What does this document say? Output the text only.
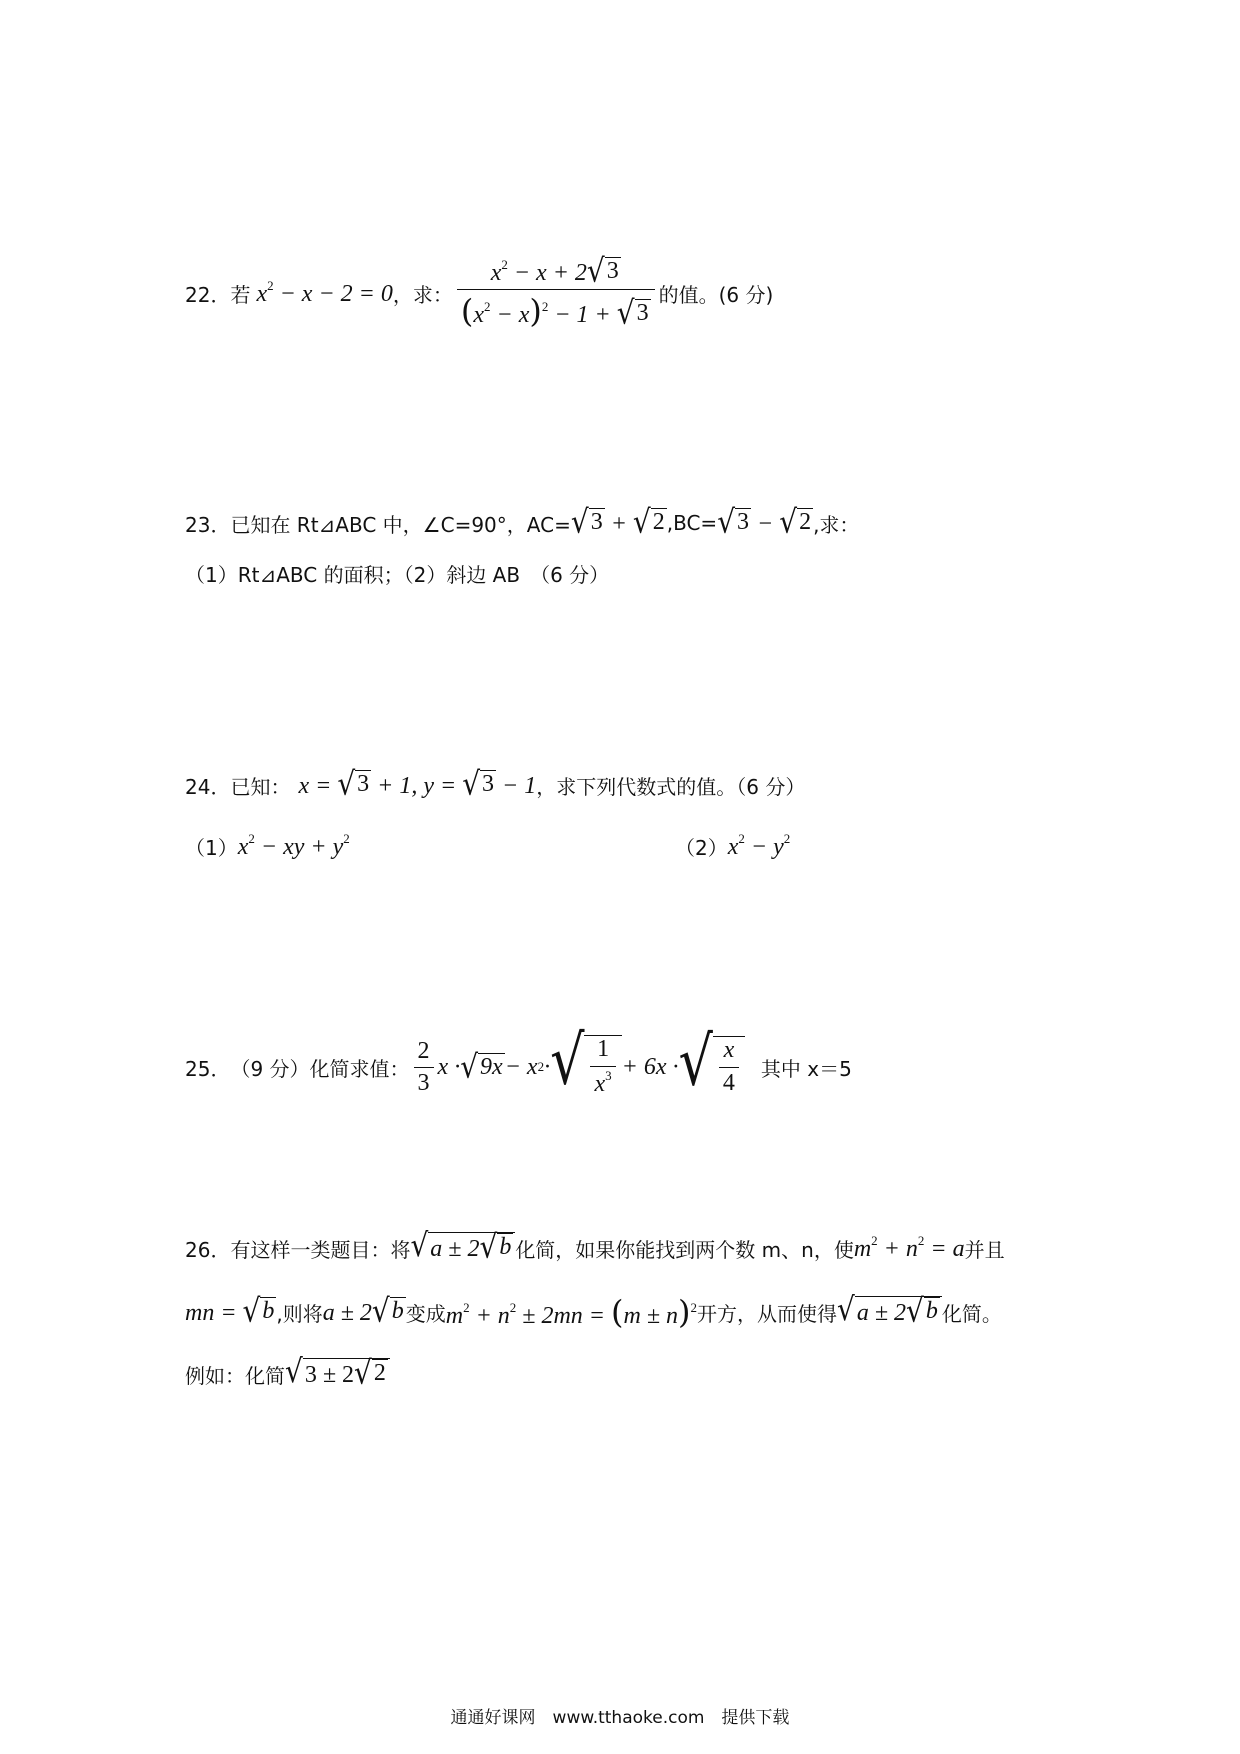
22． 若 $x^2 - x - 2 = 0$ ，求： $\frac{x^2 - x + 2 √ 3}{(x^2 - x)^2 - 1 + √ 3}$ 的值。(6 分)
23． 已知在 Rt⊿ABC 中，∠C=90°，AC= √ 3 + √ 2 ,BC= √ 3 − √ 2 ,求：
（1）Rt⊿ABC 的面积；（2）斜边 AB　（6 分）
24． 已知： x = √ 3 + 1, y = √ 3 − 1 ，求下列代数式的值。（6 分）
（1） $x^2$ − xy + $y^2$	（2） $x^2 - y^2$
25． （9 分）化简求值： $\frac{2}{3}$ x · √ 9x − x 2 · √ $\frac{1}{x^3} + 6x$ · √ $\frac{x}{4}$ 其中 x＝5
26． 有这样一类题目：将 √ a ± 2 √ b 化简，如果你能找到两个数 m、n，使 $m^2 + n^2 = a$ 并且
mn = √ b ,则将 a ± 2 √ b 变成 $m^2 + n^2 \pm 2mn = (m \pm n)^2$ 开方，从而使得 √ a ± 2 √ b 化简。
例如：化简 √ 3 ± 2 √ 2
通通好课网　www.tthaoke.com　提供下载
